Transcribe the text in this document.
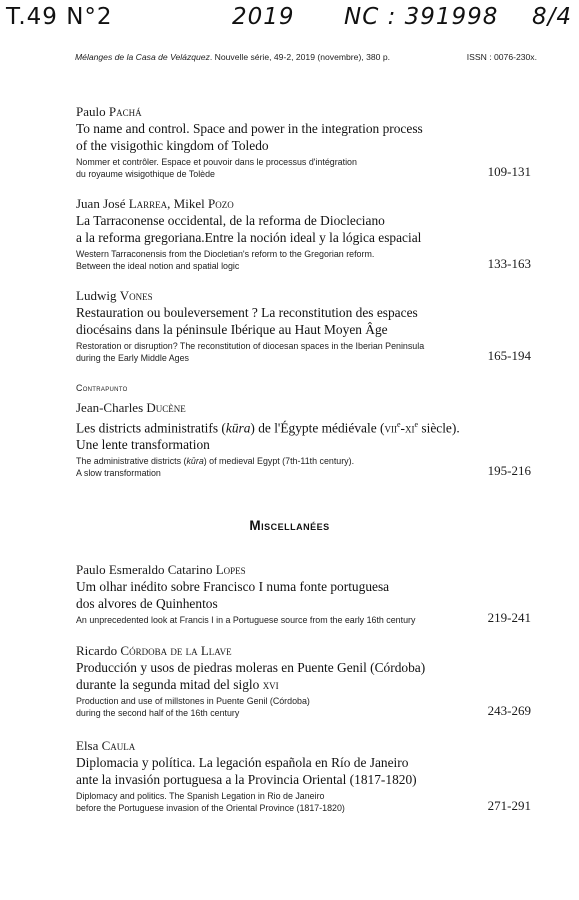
T.49 N°2	2019 NC : 391998 8/4
Mélanges de la Casa de Velázquez. Nouvelle série, 49-2, 2019 (novembre), 380 p.	ISSN : 0076-230x.
Paulo Pachá
To name and control. Space and power in the integration process
of the visigothic kingdom of Toledo
Nommer et contrôler. Espace et pouvoir dans le processus d'intégration
du royaume wisigothique de Tolède	109-131
Juan José Larrea, Mikel Pozo
La Tarraconense occidental, de la reforma de Diocleciano
a la reforma gregoriana.Entre la noción ideal y la lógica espacial
Western Tarraconensis from the Diocletian's reform to the Gregorian reform.
Between the ideal notion and spatial logic	133-163
Ludwig Vones
Restauration ou bouleversement ? La reconstitution des espaces
diocésains dans la péninsule Ibérique au Haut Moyen Âge
Restoration or disruption? The reconstitution of diocesan spaces in the Iberian Peninsula
during the Early Middle Ages	165-194
Contrapunto
Jean-Charles Ducène
Les districts administratifs (kūra) de l'Égypte médiévale ($vii^e-xi^e$ siècle).
Une lente transformation
The administrative districts (kūra) of medieval Egypt (7th-11th century).
A slow transformation	195-216
Miscellanées
Paulo Esmeraldo Catarino Lopes
Um olhar inédito sobre Francisco I numa fonte portuguesa
dos alvores de Quinhentos
An unprecedented look at Francis I in a Portuguese source from the early 16th century	219-241
Ricardo Córdoba de la Llave
Producción y usos de piedras moleras en Puente Genil (Córdoba)
durante la segunda mitad del siglo xvi
Production and use of millstones in Puente Genil (Córdoba)
during the second half of the 16th century	243-269
Elsa Caula
Diplomacia y política. La legación española en Río de Janeiro
ante la invasión portuguesa a la Provincia Oriental (1817-1820)
Diplomacy and politics. The Spanish Legation in Rio de Janeiro
before the Portuguese invasion of the Oriental Province (1817-1820)	271-291
